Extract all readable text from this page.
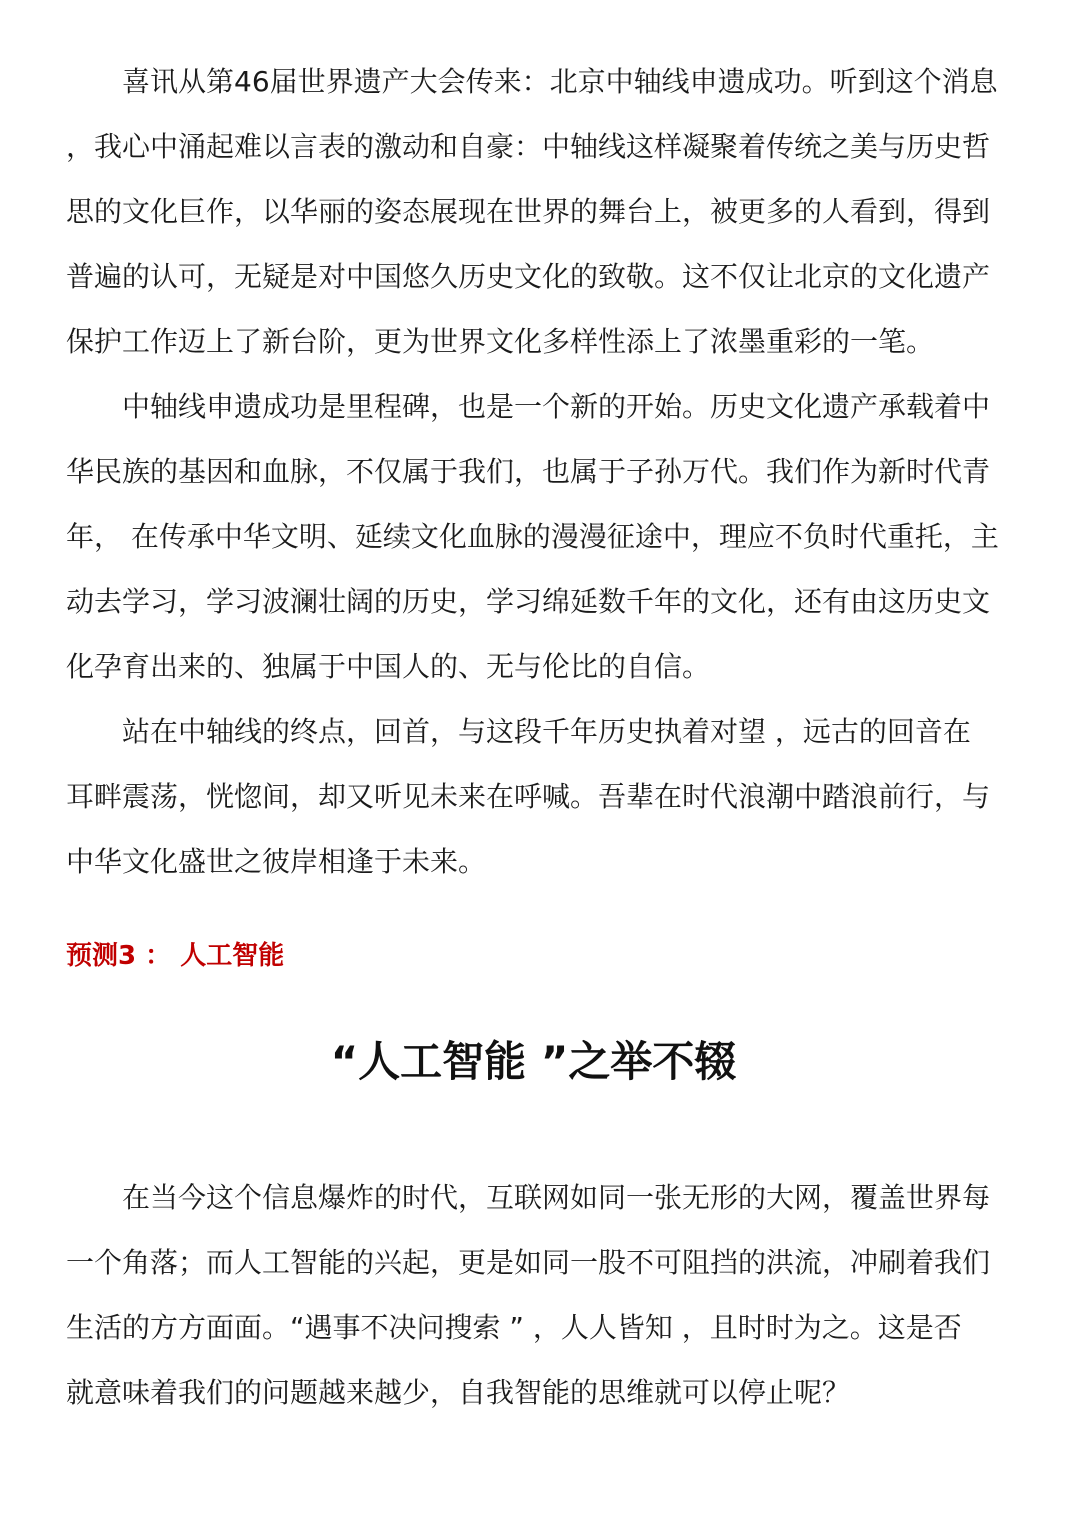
喜讯从第46届世界遗产大会传来：北京中轴线申遗成功。听到这个消息
，我心中涌起难以言表的激动和自豪：中轴线这样凝聚着传统之美与历史哲
思的文化巨作，以华丽的姿态展现在世界的舞台上，被更多的人看到，得到
普遍的认可，无疑是对中国悠久历史文化的致敬。这不仅让北京的文化遗产
保护工作迈上了新台阶，更为世界文化多样性添上了浓墨重彩的一笔。
中轴线申遗成功是里程碑，也是一个新的开始。历史文化遗产承载着中
华民族的基因和血脉，不仅属于我们，也属于子孙万代。我们作为新时代青
年， 在传承中华文明、延续文化血脉的漫漫征途中，理应不负时代重托，主
动去学习，学习波澜壮阔的历史，学习绵延数千年的文化，还有由这历史文
化孕育出来的、独属于中国人的、无与伦比的自信。
站在中轴线的终点，回首，与这段千年历史执着对望 ，远古的回音在
耳畔震荡，恍惚间，却又听见未来在呼喊。吾辈在时代浪潮中踏浪前行，与
中华文化盛世之彼岸相逢于未来。
预测3 ： 人工智能
“人工智能 ”之举不辍
在当今这个信息爆炸的时代，互联网如同一张无形的大网，覆盖世界每
一个角落；而人工智能的兴起，更是如同一股不可阻挡的洪流，冲刷着我们
生活的方方面面。“遇事不决问搜索 ” ，人人皆知 ，且时时为之。这是否
就意味着我们的问题越来越少，自我智能的思维就可以停止呢？
